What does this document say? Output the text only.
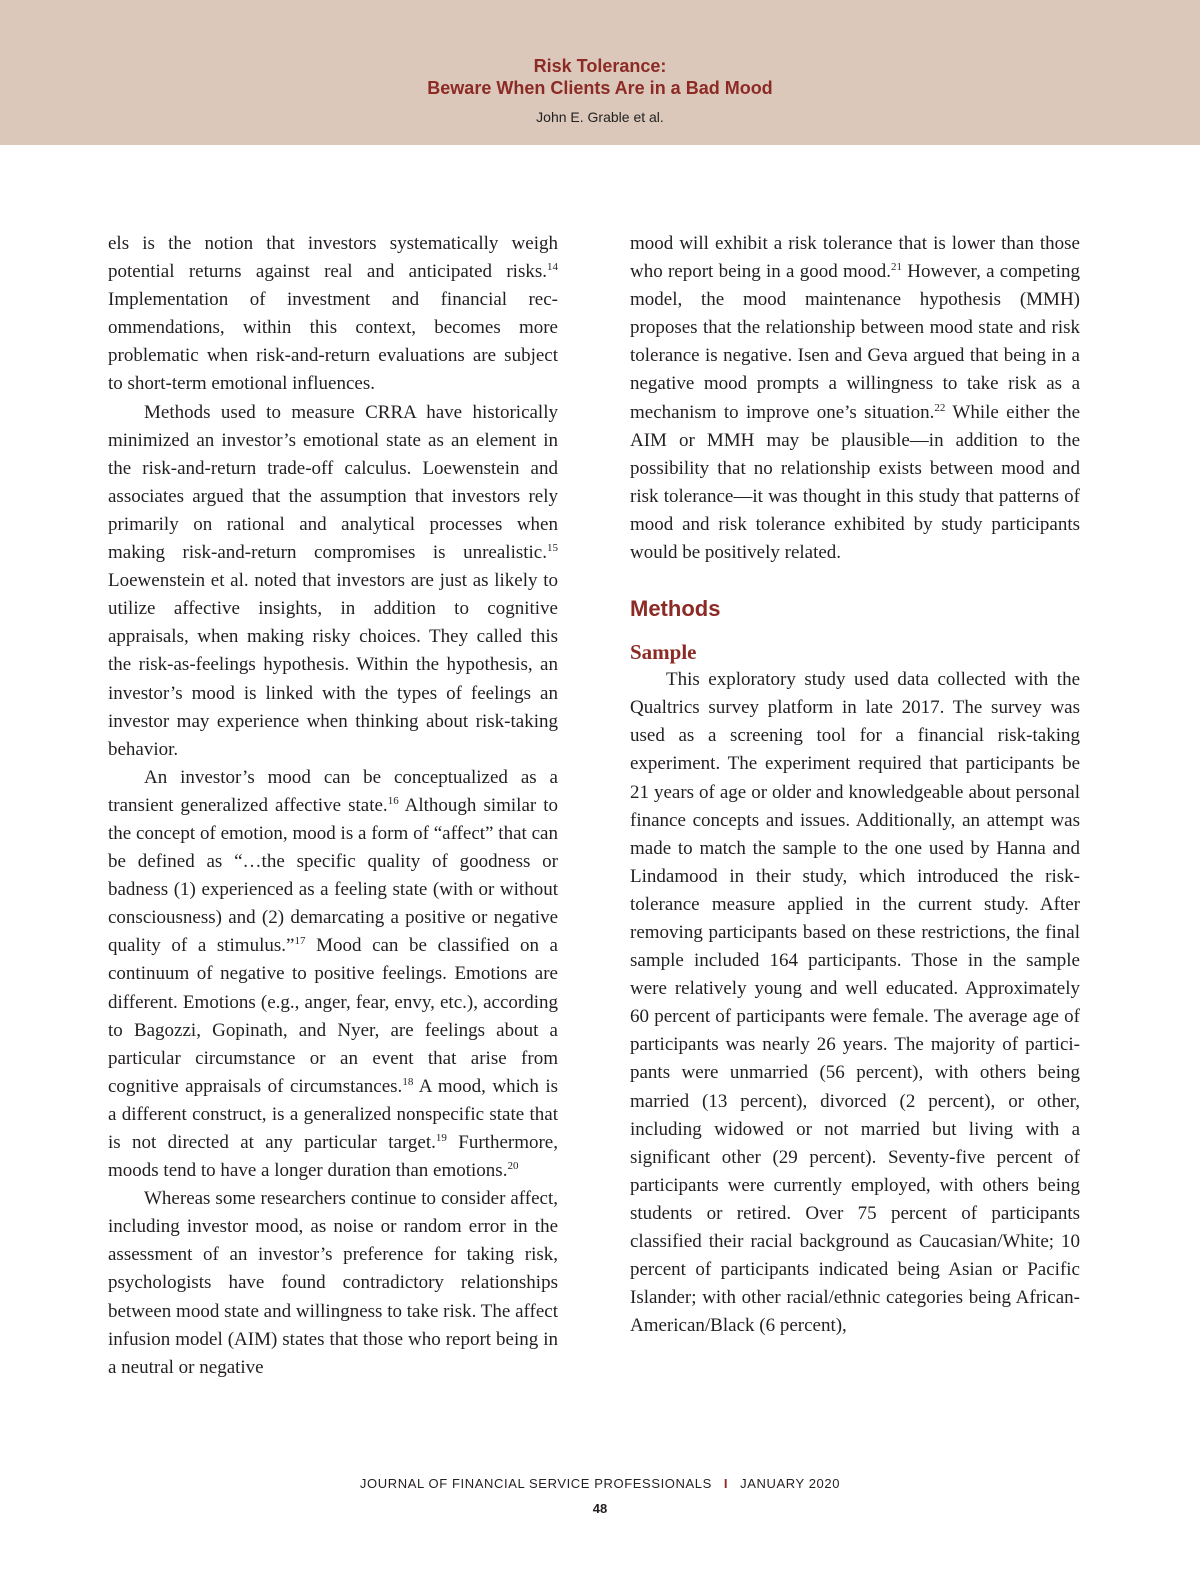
Risk Tolerance:
Beware When Clients Are in a Bad Mood
John E. Grable et al.

els is the notion that investors systematically weigh potential returns against real and anticipated risks.$^{14}$ Implementation of investment and financial recommendations, within this context, becomes more problematic when risk-and-return evaluations are subject to short-term emotional influences.

Methods used to measure CRRA have historically minimized an investor’s emotional state as an element in the risk-and-return trade-off calculus. Loewenstein and associates argued that the assumption that investors rely primarily on rational and analytical processes when making risk-and-return compromises is unrealistic.$^{15}$ Loewenstein et al. noted that investors are just as likely to utilize affective insights, in addition to cognitive appraisals, when making risky choices. They called this the risk-as-feelings hypothesis. Within the hypothesis, an investor’s mood is linked with the types of feelings an investor may experience when thinking about risk-taking behavior.

An investor’s mood can be conceptualized as a transient generalized affective state.$^{16}$ Although similar to the concept of emotion, mood is a form of “affect” that can be defined as “…the specific quality of goodness or badness (1) experienced as a feeling state (with or without consciousness) and (2) demarcating a positive or negative quality of a stimulus.”$^{17}$ Mood can be classified on a continuum of negative to positive feelings. Emotions are different. Emotions (e.g., anger, fear, envy, etc.), according to Bagozzi, Gopinath, and Nyer, are feelings about a particular circumstance or an event that arise from cognitive appraisals of circumstances.$^{18}$ A mood, which is a different construct, is a generalized nonspecific state that is not directed at any particular target.$^{19}$ Furthermore, moods tend to have a longer duration than emotions.$^{20}$

Whereas some researchers continue to consider affect, including investor mood, as noise or random error in the assessment of an investor’s preference for taking risk, psychologists have found contradictory relationships between mood state and willingness to take risk. The affect infusion model (AIM) states that those who report being in a neutral or negative

mood will exhibit a risk tolerance that is lower than those who report being in a good mood.$^{21}$ However, a competing model, the mood maintenance hypothesis (MMH) proposes that the relationship between mood state and risk tolerance is negative. Isen and Geva argued that being in a negative mood prompts a willingness to take risk as a mechanism to improve one’s situation.$^{22}$ While either the AIM or MMH may be plausible—in addition to the possibility that no relationship exists between mood and risk tolerance—it was thought in this study that patterns of mood and risk tolerance exhibited by study participants would be positively related.

Methods
Sample

This exploratory study used data collected with the Qualtrics survey platform in late 2017. The survey was used as a screening tool for a financial risk-taking experiment. The experiment required that participants be 21 years of age or older and knowledgeable about personal finance concepts and issues. Additionally, an attempt was made to match the sample to the one used by Hanna and Lindamood in their study, which introduced the risk-tolerance measure applied in the current study. After removing participants based on these restrictions, the final sample included 164 participants. Those in the sample were relatively young and well educated. Approximately 60 percent of participants were female. The average age of participants was nearly 26 years. The majority of participants were unmarried (56 percent), with others being married (13 percent), divorced (2 percent), or other, including widowed or not married but living with a significant other (29 percent). Seventy-five percent of participants were currently employed, with others being students or retired. Over 75 percent of participants classified their racial background as Caucasian/​White; 10 percent of participants indicated being Asian or Pacific Islander; with other racial/ethnic categories being African-American/Black (6 percent),

JOURNAL OF FINANCIAL SERVICE PROFESSIONALS I JANUARY 2020
48
